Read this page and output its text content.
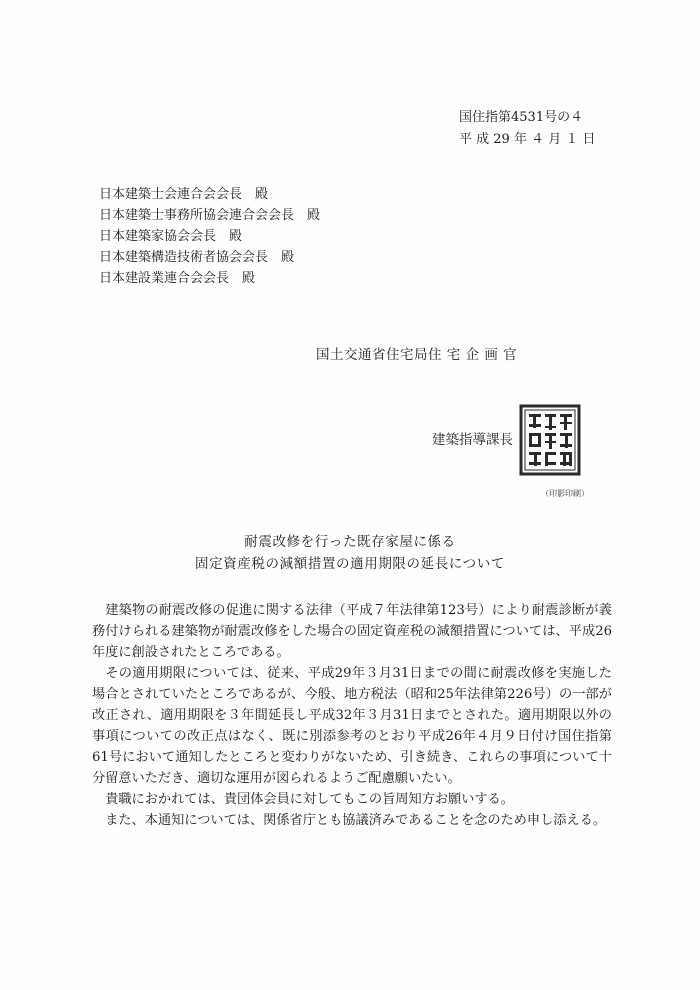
国住指第4531号の４
平 成 29 年 ４ 月 １ 日
日本建築士会連合会会長　殿
日本建築士事務所協会連合会会長　殿
日本建築家協会会長　殿
日本建築構造技術者協会会長　殿
日本建設業連合会会長　殿
国土交通省住宅局住 宅 企 画 官
建築指導課長
（印影印刷）
耐震改修を行った既存家屋に係る
固定資産税の減額措置の適用期限の延長について

建築物の耐震改修の促進に関する法律（平成７年法律第123号）により耐震診断が義務付けられる建築物が耐震改修をした場合の固定資産税の減額措置については、平成26年度に創設されたところである。

その適用期限については、従来、平成29年３月31日までの間に耐震改修を実施した場合とされていたところであるが、今般、地方税法（昭和25年法律第226号）の一部が改正され、適用期限を３年間延長し平成32年３月31日までとされた。適用期限以外の事項についての改正点はなく、既に別添参考のとおり平成26年４月９日付け国住指第61号において通知したところと変わりがないため、引き続き、これらの事項について十分留意いただき、適切な運用が図られるようご配慮願いたい。

貴職におかれては、貴団体会員に対してもこの旨周知方お願いする。

また、本通知については、関係省庁とも協議済みであることを念のため申し添える。
